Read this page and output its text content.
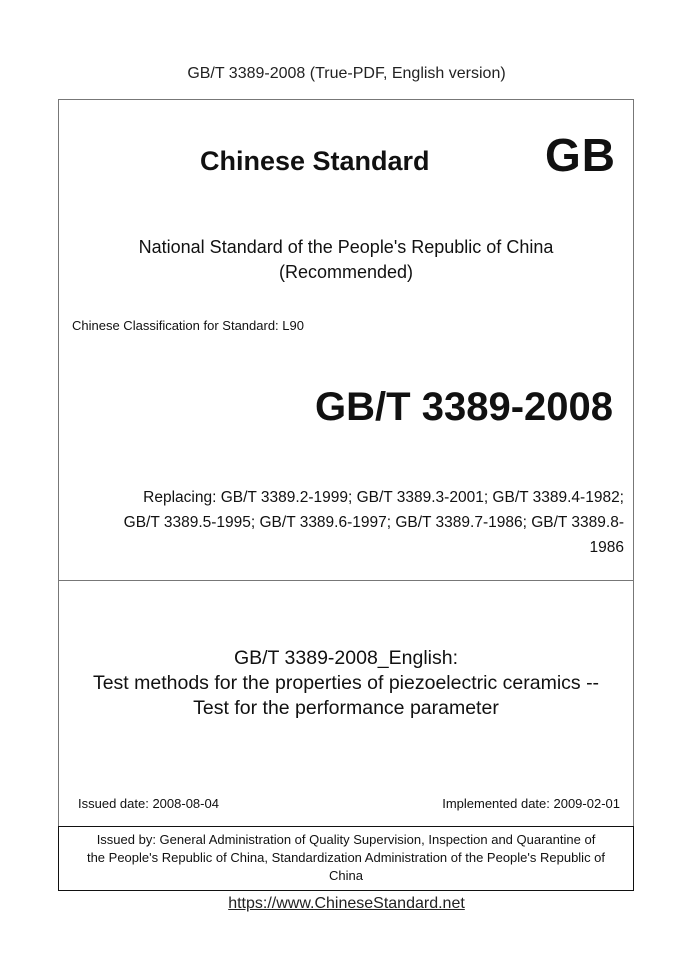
GB/T 3389-2008 (True-PDF, English version)
Chinese Standard	GB
National Standard of the People's Republic of China
(Recommended)
Chinese Classification for Standard: L90
GB/T 3389-2008
Replacing: GB/T 3389.2-1999; GB/T 3389.3-2001; GB/T 3389.4-1982;
GB/T 3389.5-1995; GB/T 3389.6-1997; GB/T 3389.7-1986; GB/T 3389.8-
1986
GB/T 3389-2008_English:
Test methods for the properties of piezoelectric ceramics --
Test for the performance parameter
Issued date: 2008-08-04	Implemented date: 2009-02-01
Issued by: General Administration of Quality Supervision, Inspection and Quarantine of
the People's Republic of China, Standardization Administration of the People's Republic of
China
https://www.ChineseStandard.net
